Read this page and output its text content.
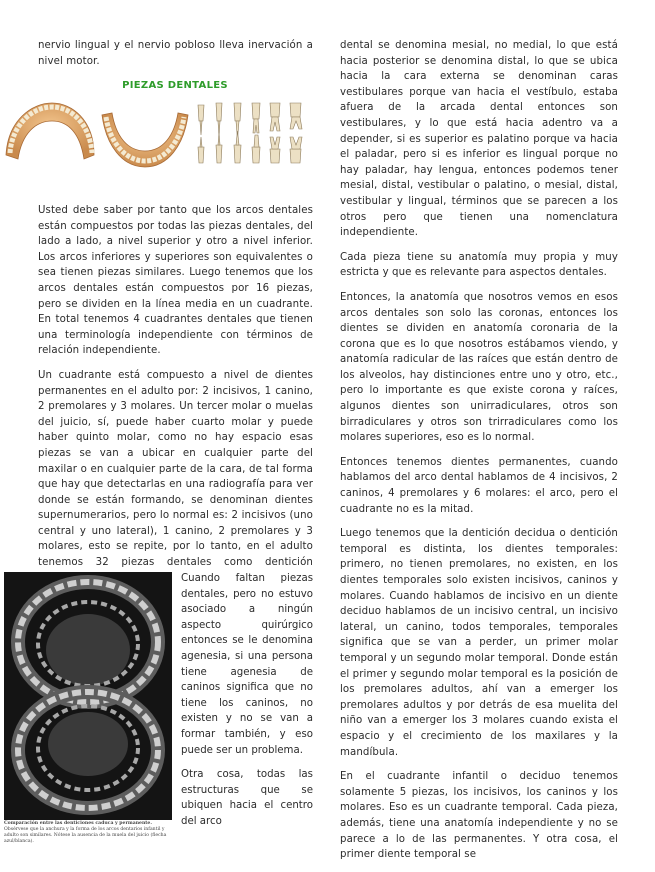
nervio lingual y el nervio pobloso lleva inervación a nivel motor.

PIEZAS DENTALES

Usted debe saber por tanto que los arcos dentales están compuestos por todas las piezas dentales, del lado a lado, a nivel superior y otro a nivel inferior. Los arcos inferiores y superiores son equivalentes o sea tienen piezas similares. Luego tenemos que los arcos dentales están compuestos por 16 piezas, pero se dividen en la línea media en un cuadrante. En total tenemos 4 cuadrantes dentales que tienen una terminología independiente con términos de relación independiente.

Un cuadrante está compuesto a nivel de dientes permanentes en el adulto por: 2 incisivos, 1 canino, 2 premolares y 3 molares. Un tercer molar o muelas del juicio, sí, puede haber cuarto molar y puede haber quinto molar, como no hay espacio esas piezas se van a ubicar en cualquier parte del maxilar o en cualquier parte de la cara, de tal forma que hay que detectarlas en una radiografía para ver donde se están formando, se denominan dientes supernumerarios, pero lo normal es: 2 incisivos (uno central y uno lateral), 1 canino, 2 premolares y 3 molares, esto se repite, por lo tanto, en el adulto tenemos 32 piezas dentales como dentición

Comparación entre las denticiones caduca y permanente. Obsérvese que la anchura y la forma de los arcos dentarios infantil y adulto son similares. Nótese la ausencia de la muela del juicio (flecha azul/blanca).

Cuando faltan piezas dentales, pero no estuvo asociado a ningún aspecto quirúrgico entonces se le denomina agenesia, si una persona tiene agenesia de caninos significa que no tiene los caninos, no existen y no se van a formar también, y eso puede ser un problema.

Otra cosa, todas las estructuras que se ubiquen hacia el centro del arco

dental se denomina mesial, no medial, lo que está hacia posterior se denomina distal, lo que se ubica hacia la cara externa se denominan caras vestibulares porque van hacia el vestíbulo, estaba afuera de la arcada dental entonces son vestibulares, y lo que está hacia adentro va a depender, si es superior es palatino porque va hacia el paladar, pero si es inferior es lingual porque no hay paladar, hay lengua, entonces podemos tener mesial, distal, vestibular o palatino, o mesial, distal, vestibular y lingual, términos que se parecen a los otros pero que tienen una nomenclatura independiente.

Cada pieza tiene su anatomía muy propia y muy estricta y que es relevante para aspectos dentales.

Entonces, la anatomía que nosotros vemos en esos arcos dentales son solo las coronas, entonces los dientes se dividen en anatomía coronaria de la corona que es lo que nosotros estábamos viendo, y anatomía radicular de las raíces que están dentro de los alveolos, hay distinciones entre uno y otro, etc., pero lo importante es que existe corona y raíces, algunos dientes son unirradiculares, otros son birradiculares y otros son trirradiculares como los molares superiores, eso es lo normal.

Entonces tenemos dientes permanentes, cuando hablamos del arco dental hablamos de 4 incisivos, 2 caninos, 4 premolares y 6 molares: el arco, pero el cuadrante no es la mitad.

Luego tenemos que la dentición decidua o dentición temporal es distinta, los dientes temporales: primero, no tienen premolares, no existen, en los dientes temporales solo existen incisivos, caninos y molares. Cuando hablamos de incisivo en un diente deciduo hablamos de un incisivo central, un incisivo lateral, un canino, todos temporales, temporales significa que se van a perder, un primer molar temporal y un segundo molar temporal. Donde están el primer y segundo molar temporal es la posición de los premolares adultos, ahí van a emerger los premolares adultos y por detrás de esa muelita del niño van a emerger los 3 molares cuando exista el espacio y el crecimiento de los maxilares y la mandíbula.

En el cuadrante infantil o deciduo tenemos solamente 5 piezas, los incisivos, los caninos y los molares. Eso es un cuadrante temporal. Cada pieza, además, tiene una anatomía independiente y no se parece a lo de las permanentes. Y otra cosa, el primer diente temporal se
